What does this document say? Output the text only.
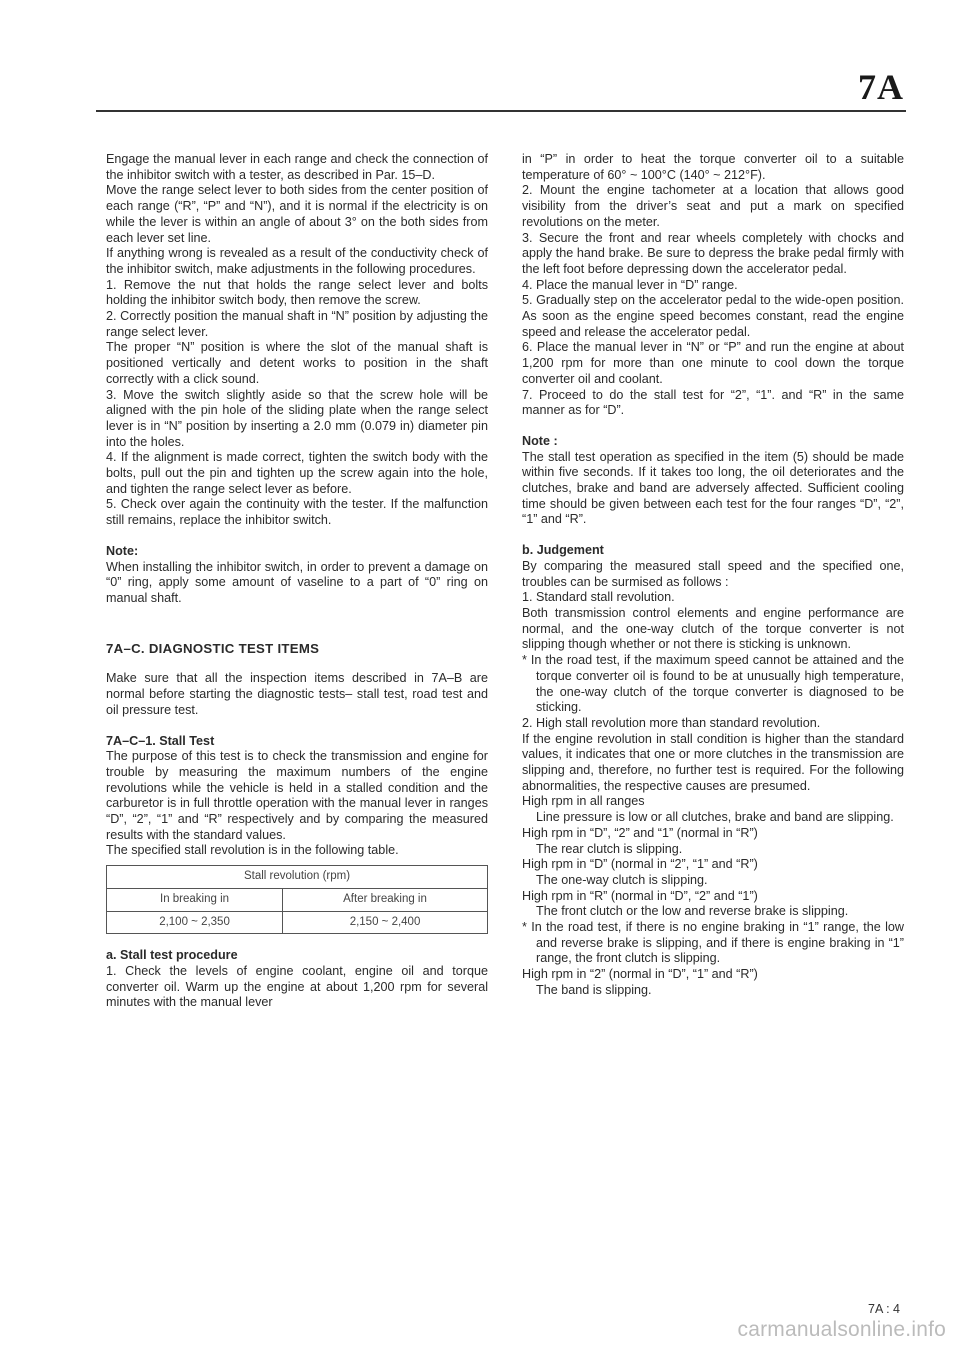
7A

Engage the manual lever in each range and check the connection of the inhibitor switch with a tester, as described in Par. 15–D.

Move the range select lever to both sides from the center position of each range (“R”, “P” and “N”), and it is normal if the electricity is on while the lever is within an angle of about 3° on the both sides from each lever set line.

If anything wrong is revealed as a result of the conductivity check of the inhibitor switch, make adjustments in the following procedures.

1. Remove the nut that holds the range select lever and bolts holding the inhibitor switch body, then remove the screw.

2. Correctly position the manual shaft in “N” position by adjusting the range select lever.

The proper “N” position is where the slot of the manual shaft is positioned vertically and detent works to position in the shaft correctly with a click sound.

3. Move the switch slightly aside so that the screw hole will be aligned with the pin hole of the sliding plate when the range select lever is in “N” position by inserting a 2.0 mm (0.079 in) diameter pin into the holes.

4. If the alignment is made correct, tighten the switch body with the bolts, pull out the pin and tighten up the screw again into the hole, and tighten the range select lever as before.

5. Check over again the continuity with the tester. If the malfunction still remains, replace the inhibitor switch.

Note:

When installing the inhibitor switch, in order to prevent a damage on “0” ring, apply some amount of vaseline to a part of “0” ring on manual shaft.

7A–C. DIAGNOSTIC TEST ITEMS

Make sure that all the inspection items described in 7A–B are normal before starting the diagnostic tests– stall test, road test and oil pressure test.

7A–C–1. Stall Test

The purpose of this test is to check the transmission and engine for trouble by measuring the maximum numbers of the engine revolutions while the vehicle is held in a stalled condition and the carburetor is in full throttle operation with the manual lever in ranges “D”, “2”, “1” and “R” respectively and by comparing the measured results with the standard values.

The specified stall revolution is in the following table.

Stall revolution (rpm)	
In breaking in	After breaking in
2,100 ~ 2,350	2,150 ~ 2,400

a. Stall test procedure

1. Check the levels of engine coolant, engine oil and torque converter oil. Warm up the engine at about 1,200 rpm for several minutes with the manual lever

in “P” in order to heat the torque converter oil to a suitable temperature of 60° ~ 100°C (140° ~ 212°F).

2. Mount the engine tachometer at a location that allows good visibility from the driver’s seat and put a mark on specified revolutions on the meter.

3. Secure the front and rear wheels completely with chocks and apply the hand brake. Be sure to depress the brake pedal firmly with the left foot before depressing down the accelerator pedal.

4. Place the manual lever in “D” range.

5. Gradually step on the accelerator pedal to the wide-open position. As soon as the engine speed becomes constant, read the engine speed and release the accelerator pedal.

6. Place the manual lever in “N” or “P” and run the engine at about 1,200 rpm for more than one minute to cool down the torque converter oil and coolant.

7. Proceed to do the stall test for “2”, “1”. and “R” in the same manner as for “D”.

Note :

The stall test operation as specified in the item (5) should be made within five seconds. If it takes too long, the oil deteriorates and the clutches, brake and band are adversely affected. Sufficient cooling time should be given between each test for the four ranges “D”, “2”, “1” and “R”.

b. Judgement

By comparing the measured stall speed and the specified one, troubles can be surmised as follows :

1. Standard stall revolution.

Both transmission control elements and engine performance are normal, and the one-way clutch of the torque converter is not slipping though whether or not there is sticking is unknown.

* In the road test, if the maximum speed cannot be attained and the torque converter oil is found to be at unusually high temperature, the one-way clutch of the torque converter is diagnosed to be sticking.

2. High stall revolution more than standard revolution.

If the engine revolution in stall condition is higher than the standard values, it indicates that one or more clutches in the transmission are slipping and, therefore, no further test is required. For the following abnormalities, the respective causes are presumed.

High rpm in all ranges

Line pressure is low or all clutches, brake and band are slipping.

High rpm in “D”, “2” and “1” (normal in “R”)

The rear clutch is slipping.

High rpm in “D” (normal in “2”, “1” and “R”)

The one-way clutch is slipping.

High rpm in “R” (normal in “D”, “2” and “1”)

The front clutch or the low and reverse brake is slipping.

* In the road test, if there is no engine braking in “1” range, the low and reverse brake is slipping, and if there is engine braking in “1” range, the front clutch is slipping.

High rpm in “2” (normal in “D”, “1” and “R”)

The band is slipping.

7A : 4
carmanualsonline.info
